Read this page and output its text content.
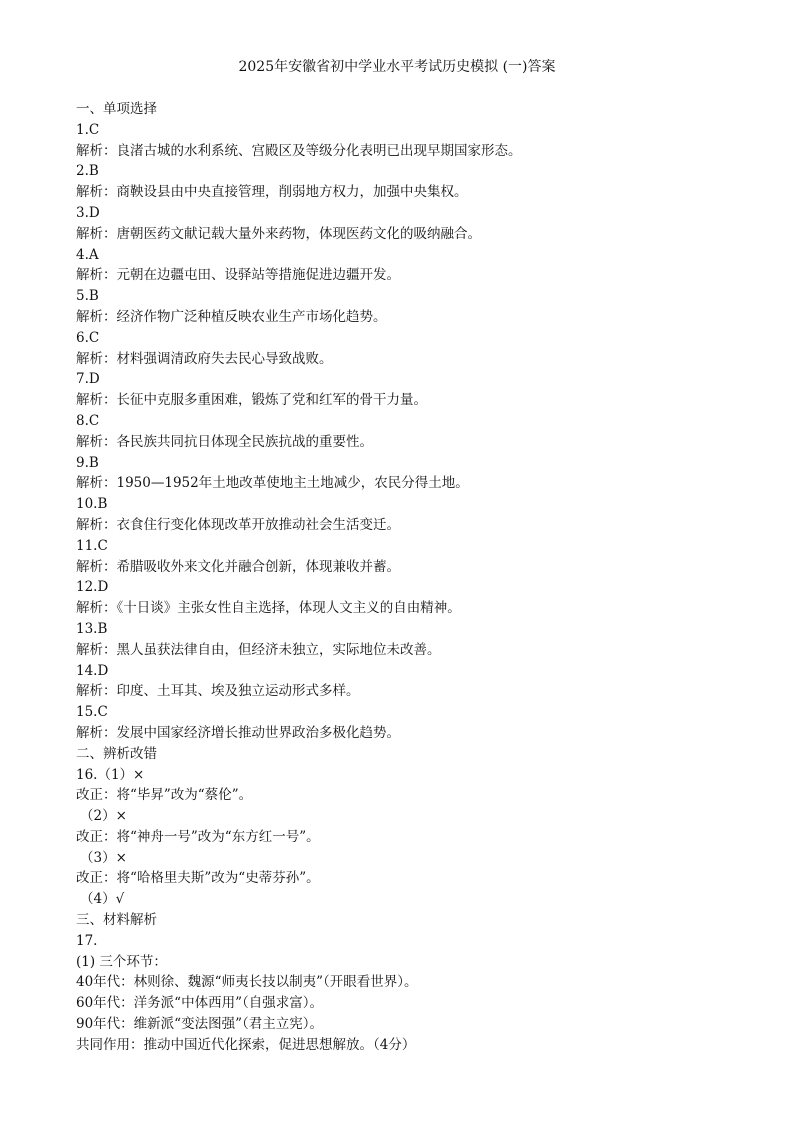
2025年安徽省初中学业水平考试历史模拟 (一)答案
一、单项选择
1.C
解析：良渚古城的水利系统、宫殿区及等级分化表明已出现早期国家形态。
2.B
解析：商鞅设县由中央直接管理，削弱地方权力，加强中央集权。
3.D
解析：唐朝医药文献记载大量外来药物，体现医药文化的吸纳融合。
4.A
解析：元朝在边疆屯田、设驿站等措施促进边疆开发。
5.B
解析：经济作物广泛种植反映农业生产市场化趋势。
6.C
解析：材料强调清政府失去民心导致战败。
7.D
解析：长征中克服多重困难，锻炼了党和红军的骨干力量。
8.C
解析：各民族共同抗日体现全民族抗战的重要性。
9.B
解析：1950—1952年土地改革使地主土地减少，农民分得土地。
10.B
解析：衣食住行变化体现改革开放推动社会生活变迁。
11.C
解析：希腊吸收外来文化并融合创新，体现兼收并蓄。
12.D
解析：《十日谈》主张女性自主选择，体现人文主义的自由精神。
13.B
解析：黑人虽获法律自由，但经济未独立，实际地位未改善。
14.D
解析：印度、土耳其、埃及独立运动形式多样。
15.C
解析：发展中国家经济增长推动世界政治多极化趋势。
二、辨析改错
16.（1）×
改正：将“毕昇”改为“蔡伦”。
（2）×
改正：将“神舟一号”改为“东方红一号”。
（3）×
改正：将“哈格里夫斯”改为“史蒂芬孙”。
（4）√
三、材料解析
17.
(1) 三个环节：
40年代：林则徐、魏源“师夷长技以制夷”（开眼看世界）。
60年代：洋务派“中体西用”（自强求富）。
90年代：维新派“变法图强”（君主立宪）。
共同作用：推动中国近代化探索，促进思想解放。（4分）
